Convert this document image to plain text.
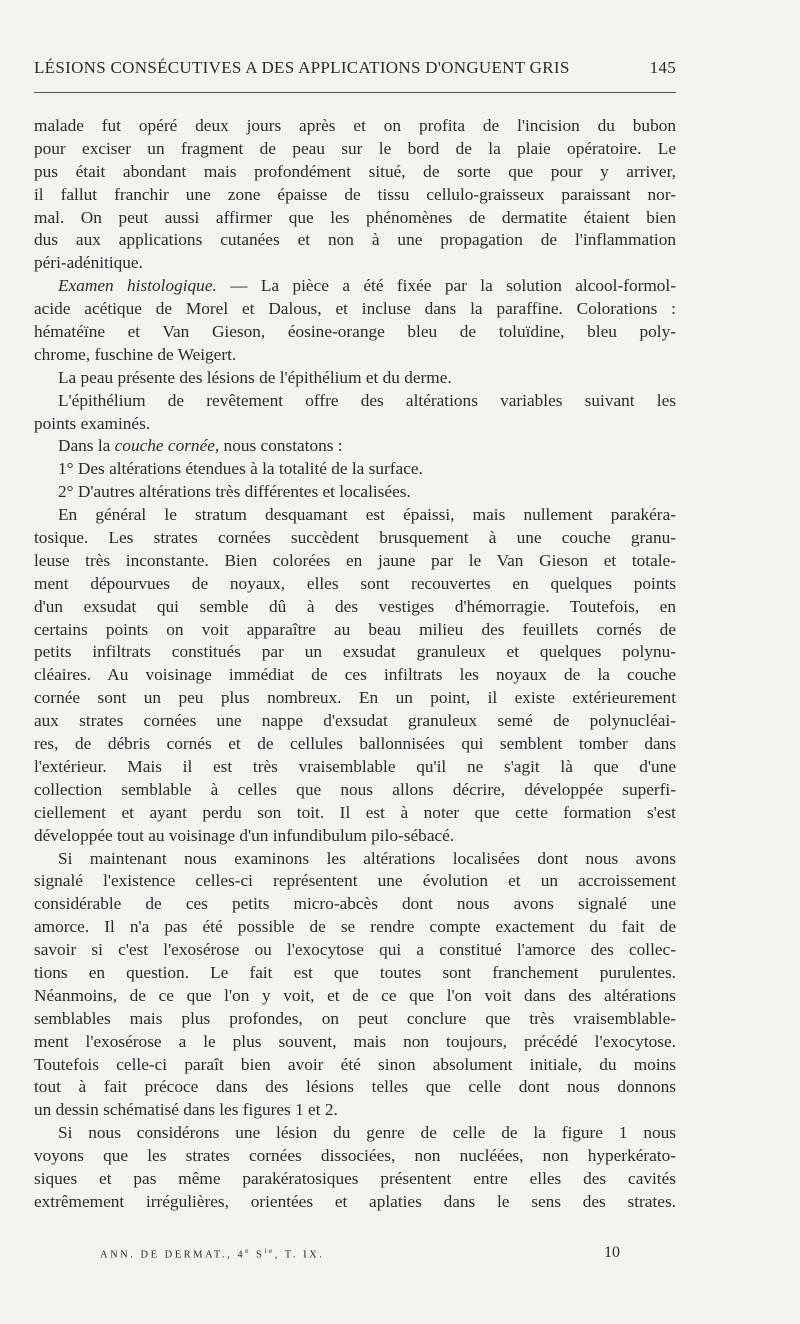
LÉSIONS CONSÉCUTIVES A DES APPLICATIONS D'ONGUENT GRIS	145
malade fut opéré deux jours après et on profita de l'incision du bubon
pour exciser un fragment de peau sur le bord de la plaie opératoire. Le
pus était abondant mais profondément situé, de sorte que pour y arriver,
il fallut franchir une zone épaisse de tissu cellulo-graisseux paraissant nor-
mal. On peut aussi affirmer que les phénomènes de dermatite étaient bien
dus aux applications cutanées et non à une propagation de l'inflammation
péri-adénitique.
Examen histologique. — La pièce a été fixée par la solution alcool-formol-
acide acétique de Morel et Dalous, et incluse dans la paraffine. Colorations :
hématéïne et Van Gieson, éosine-orange bleu de toluïdine, bleu poly-
chrome, fuschine de Weigert.
La peau présente des lésions de l'épithélium et du derme.
L'épithélium de revêtement offre des altérations variables suivant les
points examinés.
Dans la couche cornée, nous constatons :
1° Des altérations étendues à la totalité de la surface.
2° D'autres altérations très différentes et localisées.
En général le stratum desquamant est épaissi, mais nullement parakéra-
tosique. Les strates cornées succèdent brusquement à une couche granu-
leuse très inconstante. Bien colorées en jaune par le Van Gieson et totale-
ment dépourvues de noyaux, elles sont recouvertes en quelques points
d'un exsudat qui semble dû à des vestiges d'hémorragie. Toutefois, en
certains points on voit apparaître au beau milieu des feuillets cornés de
petits infiltrats constitués par un exsudat granuleux et quelques polynu-
cléaires. Au voisinage immédiat de ces infiltrats les noyaux de la couche
cornée sont un peu plus nombreux. En un point, il existe extérieurement
aux strates cornées une nappe d'exsudat granuleux semé de polynucléai-
res, de débris cornés et de cellules ballonnisées qui semblent tomber dans
l'extérieur. Mais il est très vraisemblable qu'il ne s'agit là que d'une
collection semblable à celles que nous allons décrire, développée superfi-
ciellement et ayant perdu son toit. Il est à noter que cette formation s'est
développée tout au voisinage d'un infundibulum pilo-sébacé.
Si maintenant nous examinons les altérations localisées dont nous avons
signalé l'existence celles-ci représentent une évolution et un accroissement
considérable de ces petits micro-abcès dont nous avons signalé une
amorce. Il n'a pas été possible de se rendre compte exactement du fait de
savoir si c'est l'exosérose ou l'exocytose qui a constitué l'amorce des collec-
tions en question. Le fait est que toutes sont franchement purulentes.
Néanmoins, de ce que l'on y voit, et de ce que l'on voit dans des altérations
semblables mais plus profondes, on peut conclure que très vraisemblable-
ment l'exosérose a le plus souvent, mais non toujours, précédé l'exocytose.
Toutefois celle-ci paraît bien avoir été sinon absolument initiale, du moins
tout à fait précoce dans des lésions telles que celle dont nous donnons
un dessin schématisé dans les figures 1 et 2.
Si nous considérons une lésion du genre de celle de la figure 1 nous
voyons que les strates cornées dissociées, non nucléées, non hyperkérato-
siques et pas même parakératosiques présentent entre elles des cavités
extrêmement irrégulières, orientées et aplaties dans le sens des strates.
ANN. DE DERMAT., 4e $S^{ie}$, T. IX.	10
